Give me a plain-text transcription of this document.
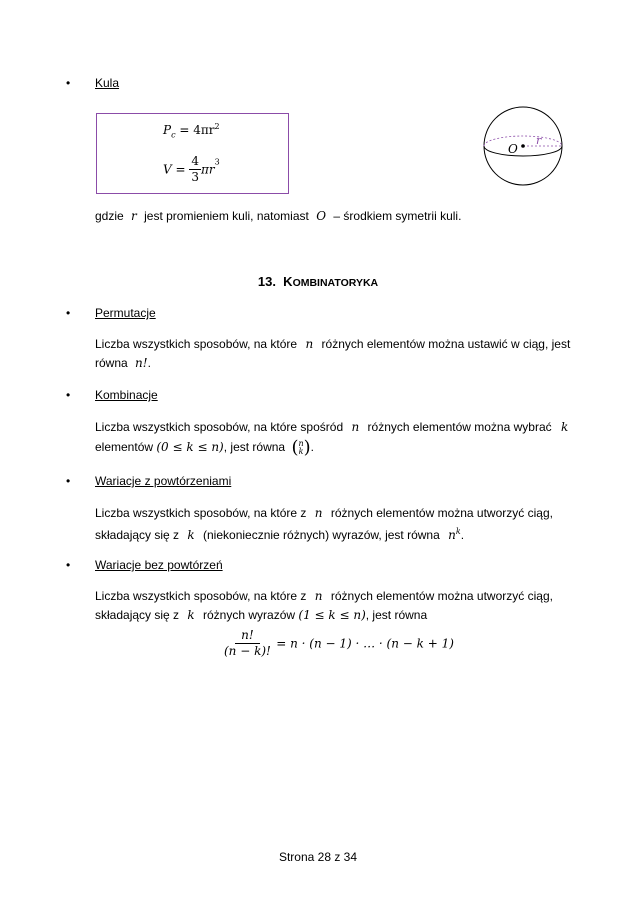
• Kula
$P_c = 4\pi r^2$
$V = \frac{4}{3} \pi r^3$
O
r
gdzie r jest promieniem kuli, natomiast O – środkiem symetrii kuli.
13. KOMBINATORYKA
• Permutacje
Liczba wszystkich sposobów, na które n różnych elementów można ustawić w ciąg, jest
równa n!.
• Kombinacje
Liczba wszystkich sposobów, na które spośród n różnych elementów można wybrać k
elementów (0 ≤ k ≤ n), jest równa ( n
k ) .
• Wariacje z powtórzeniami
Liczba wszystkich sposobów, na które z n różnych elementów można utworzyć ciąg,
składający się z k (niekoniecznie różnych) wyrazów, jest równa $n^k$.
• Wariacje bez powtórzeń
Liczba wszystkich sposobów, na które z n różnych elementów można utworzyć ciąg,
składający się z k różnych wyrazów (1 ≤ k ≤ n), jest równa
$\frac{n!}{(n - k)!} = n \cdot (n - 1)$ · … · (n − k + 1)
Strona 28 z 34
